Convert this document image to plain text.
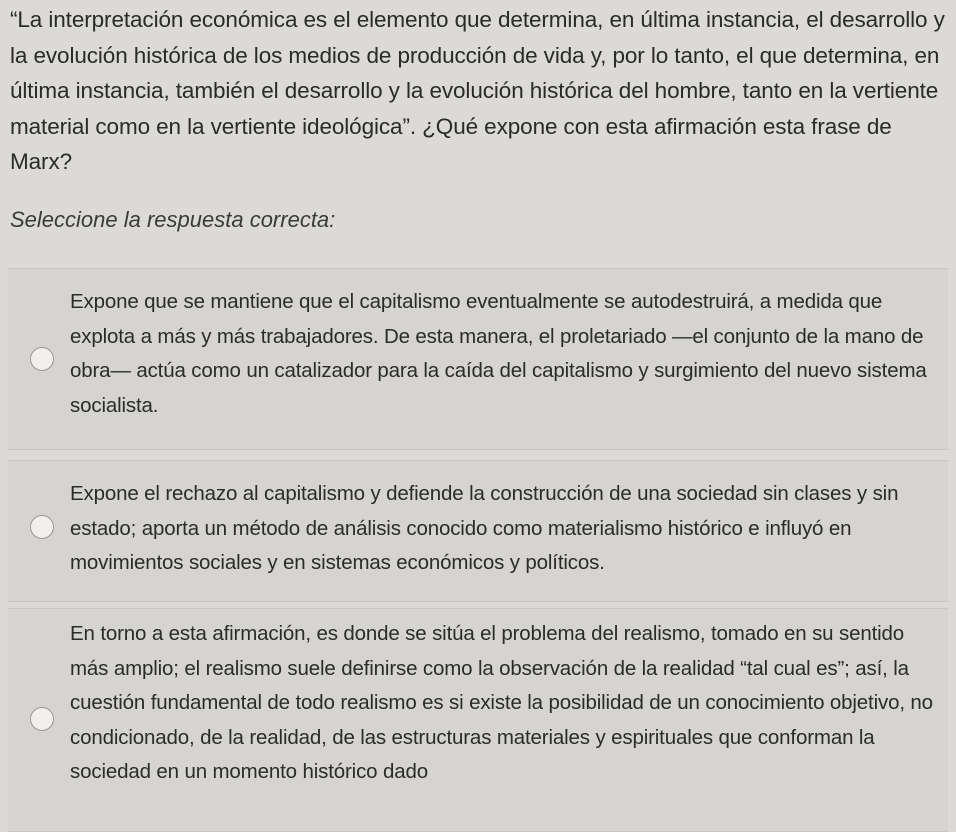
“La interpretación económica es el elemento que determina, en última instancia, el desarrollo y la evolución histórica de los medios de producción de vida y, por lo tanto, el que determina, en última instancia, también el desarrollo y la evolución histórica del hombre, tanto en la vertiente material como en la vertiente ideológica”. ¿Qué expone con esta afirmación esta frase de Marx?
Seleccione la respuesta correcta:
Expone que se mantiene que el capitalismo eventualmente se autodestruirá, a medida que explota a más y más trabajadores. De esta manera, el proletariado —el conjunto de la mano de obra— actúa como un catalizador para la caída del capitalismo y surgimiento del nuevo sistema socialista.
Expone el rechazo al capitalismo y defiende la construcción de una sociedad sin clases y sin estado; aporta un método de análisis conocido como materialismo histórico e influyó en movimientos sociales y en sistemas económicos y políticos.
En torno a esta afirmación, es donde se sitúa el problema del realismo, tomado en su sentido más amplio; el realismo suele definirse como la observación de la realidad “tal cual es”; así, la cuestión fundamental de todo realismo es si existe la posibilidad de un conocimiento objetivo, no condicionado, de la realidad, de las estructuras materiales y espirituales que conforman la sociedad en un momento histórico dado
